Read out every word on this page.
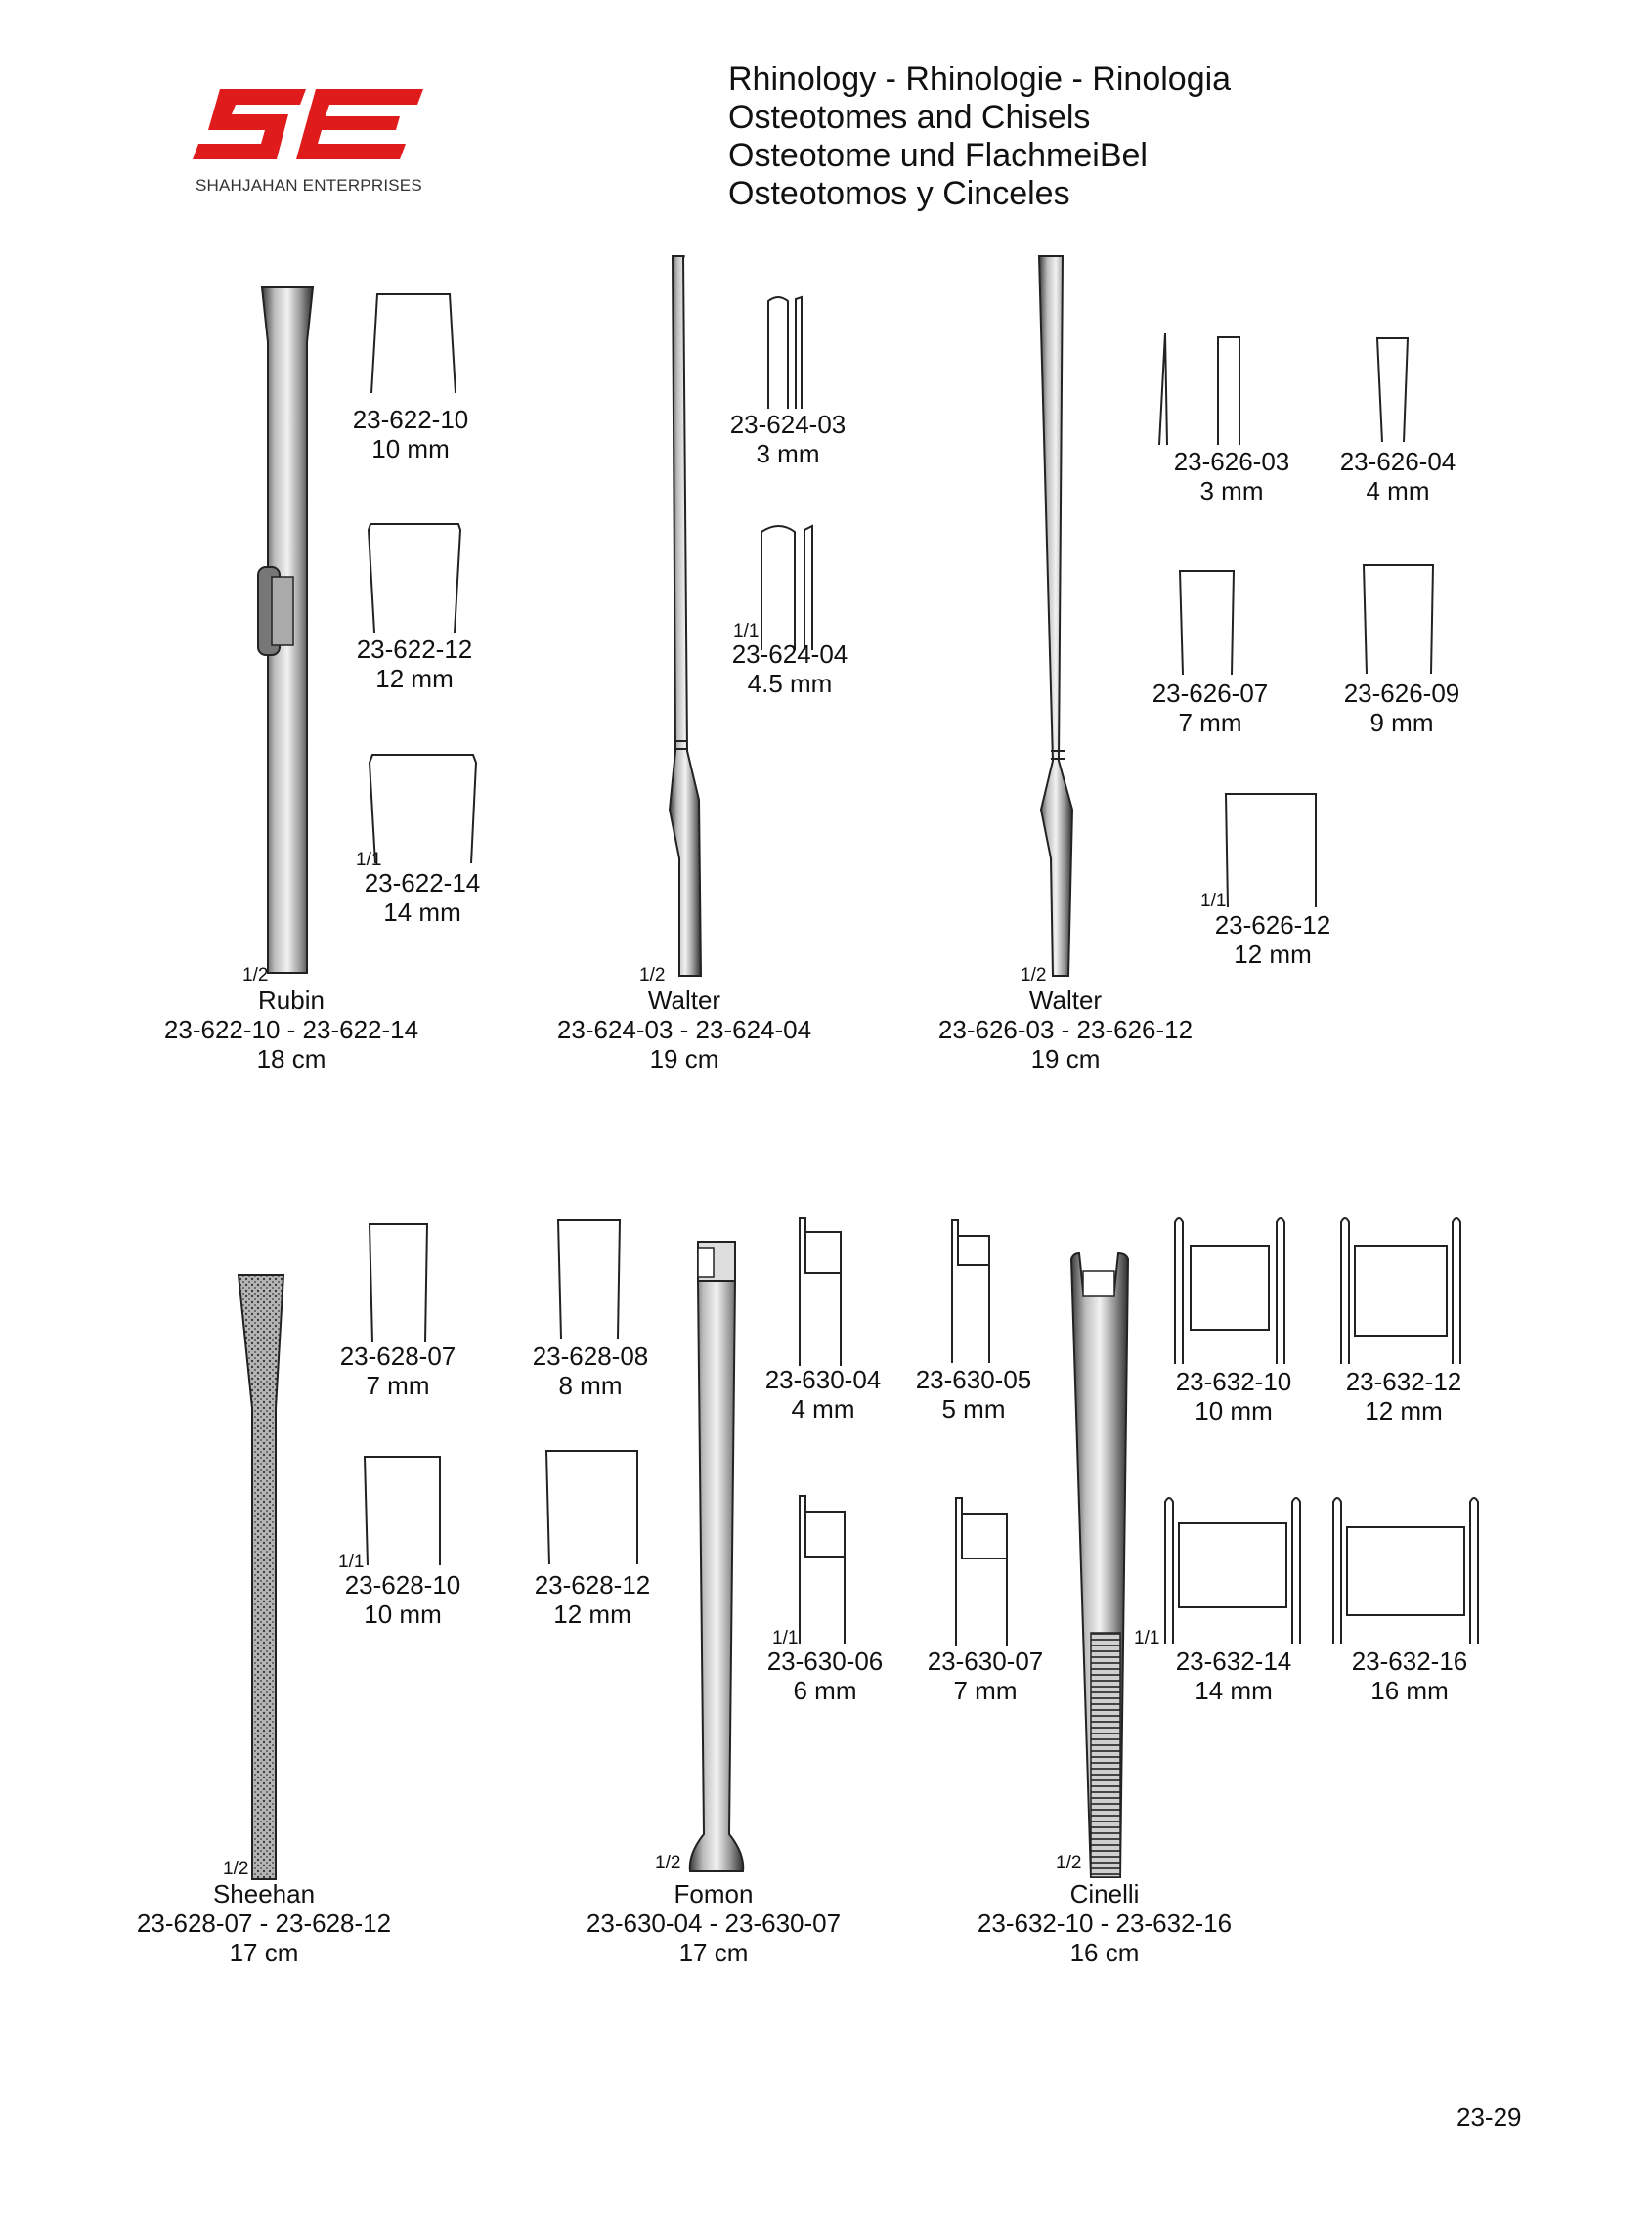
SHAHJAHAN ENTERPRISES
Rhinology - Rhinologie - Rinologia
Osteotomes and Chisels
Osteotome und FlachmeiBel
Osteotomos y Cinceles
1/2
23-622-10
10 mm
23-622-12
12 mm
1/1
23-622-14
14 mm
Rubin
23-622-10 - 23-622-14
18 cm
1/2
23-624-03
3 mm
1/1
23-624-04
4.5 mm
Walter
23-624-03 - 23-624-04
19 cm
1/2
23-626-03
3 mm
23-626-04
4 mm
23-626-07
7 mm
23-626-09
9 mm
1/1
23-626-12
12 mm
Walter
23-626-03 - 23-626-12
19 cm
1/2
23-628-07
7 mm
23-628-08
8 mm
1/1
23-628-10
10 mm
23-628-12
12 mm
Sheehan
23-628-07 - 23-628-12
17 cm
1/2
23-630-04
4 mm
23-630-05
5 mm
1/1
23-630-06
6 mm
23-630-07
7 mm
Fomon
23-630-04 - 23-630-07
17 cm
1/2
23-632-10
10 mm
23-632-12
12 mm
1/1
23-632-14
14 mm
23-632-16
16 mm
Cinelli
23-632-10 - 23-632-16
16 cm
23-29
